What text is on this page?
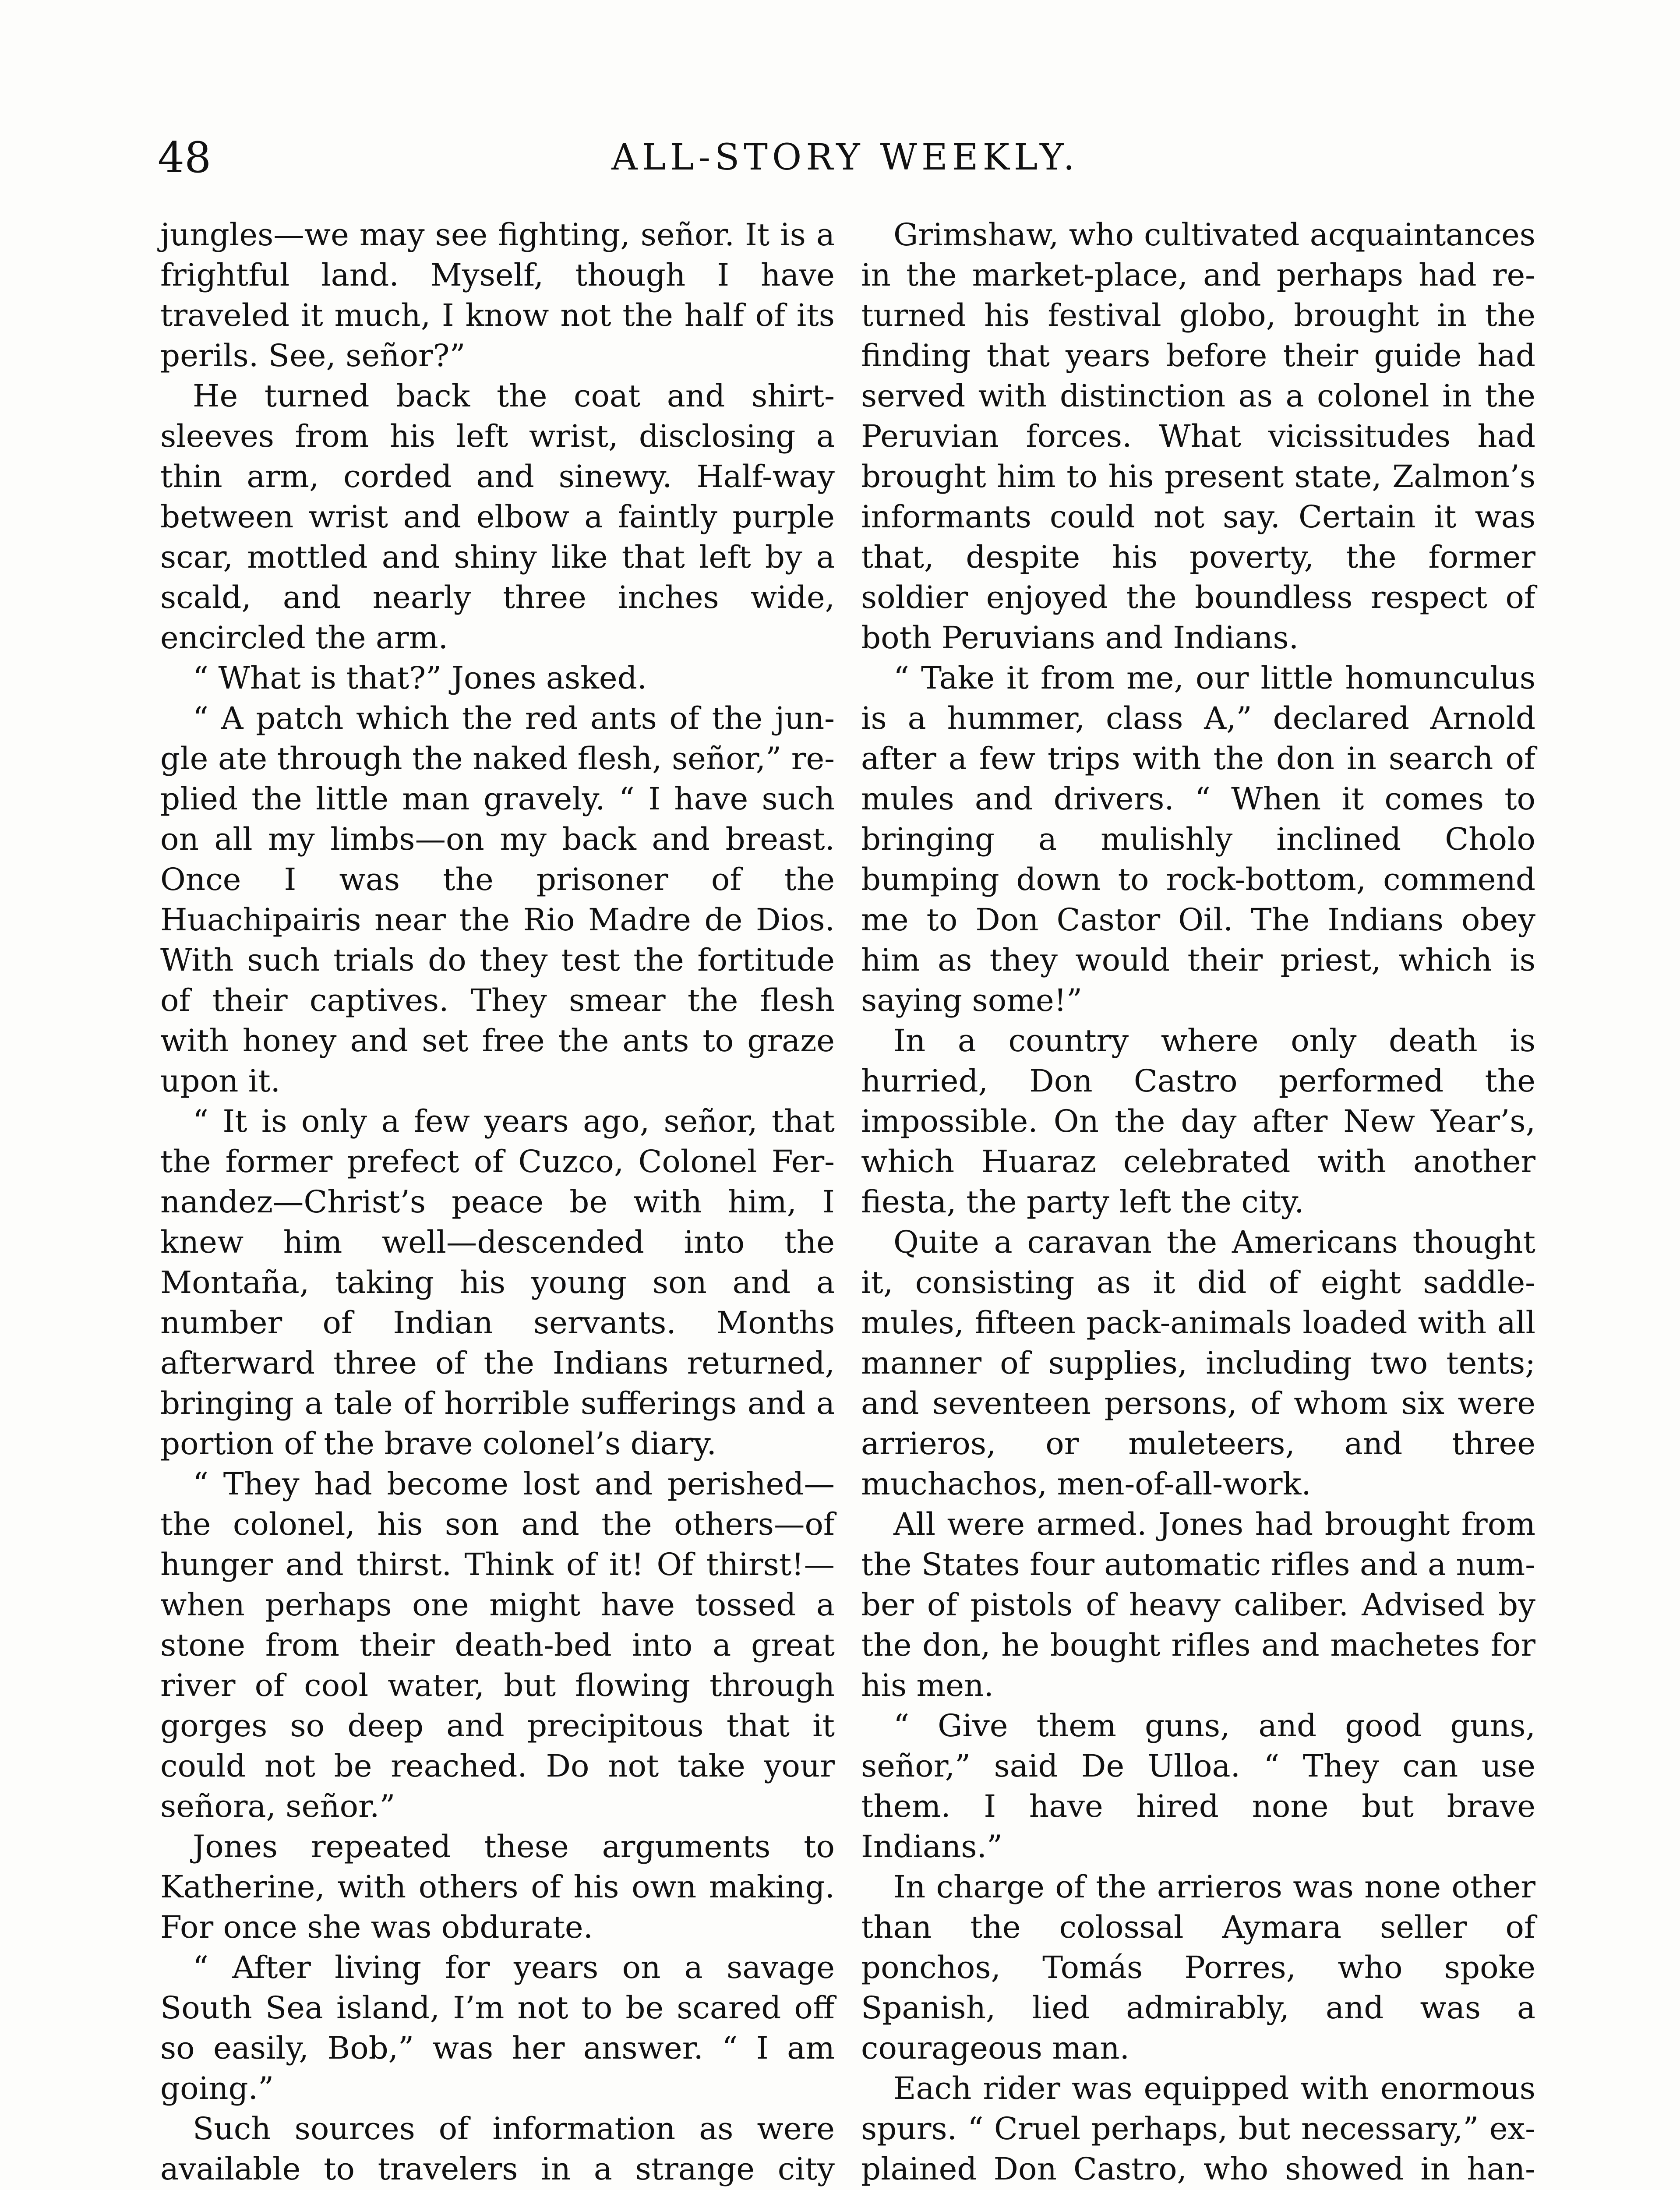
48	ALL-STORY WEEKLY.

jungles—we may see fighting, señor. It is a frightful land. Myself, though I have traveled it much, I know not the half of its perils. See, señor?”

He turned back the coat and shirt-sleeves from his left wrist, disclosing a thin arm, corded and sinewy. Half-way between wrist and elbow a faintly purple scar, mottled and shiny like that left by a scald, and nearly three inches wide, encircled the arm.

“ What is that?” Jones asked.

“ A patch which the red ants of the jungle ate through the naked flesh, señor,” replied the little man gravely. “ I have such on all my limbs—on my back and breast. Once I was the prisoner of the Huachipairis near the Rio Madre de Dios. With such trials do they test the fortitude of their captives. They smear the flesh with honey and set free the ants to graze upon it.

“ It is only a few years ago, señor, that the former prefect of Cuzco, Colonel Fernandez—Christ’s peace be with him, I knew him well—descended into the Montaña, taking his young son and a number of Indian servants. Months afterward three of the Indians returned, bringing a tale of horrible sufferings and a portion of the brave colonel’s diary.

“ They had become lost and perished—the colonel, his son and the others—of hunger and thirst. Think of it! Of thirst!—when perhaps one might have tossed a stone from their death-bed into a great river of cool water, but flowing through gorges so deep and precipitous that it could not be reached. Do not take your señora, señor.”

Jones repeated these arguments to Katherine, with others of his own making. For once she was obdurate.

“ After living for years on a savage South Sea island, I’m not to be scared off so easily, Bob,” was her answer. “ I am going.”

Such sources of information as were available to travelers in a strange city

Grimshaw, who cultivated acquaintances in the market-place, and perhaps had returned his festival globo, brought in the finding that years before their guide had served with distinction as a colonel in the Peruvian forces. What vicissitudes had brought him to his present state, Zalmon’s informants could not say. Certain it was that, despite his poverty, the former soldier enjoyed the boundless respect of both Peruvians and Indians.

“ Take it from me, our little homunculus is a hummer, class A,” declared Arnold after a few trips with the don in search of mules and drivers. “ When it comes to bringing a mulishly inclined Cholo bumping down to rock-bottom, commend me to Don Castor Oil. The Indians obey him as they would their priest, which is saying some!”

In a country where only death is hurried, Don Castro performed the impossible. On the day after New Year’s, which Huaraz celebrated with another fiesta, the party left the city.

Quite a caravan the Americans thought it, consisting as it did of eight saddle-mules, fifteen pack-animals loaded with all manner of supplies, including two tents; and seventeen persons, of whom six were arrieros, or muleteers, and three muchachos, men-of-all-work.

All were armed. Jones had brought from the States four automatic rifles and a number of pistols of heavy caliber. Advised by the don, he bought rifles and machetes for his men.

“ Give them guns, and good guns, señor,” said De Ulloa. “ They can use them. I have hired none but brave Indians.”

In charge of the arrieros was none other than the colossal Aymara seller of ponchos, Tomás Porres, who spoke Spanish, lied admirably, and was a courageous man.

Each rider was equipped with enormous spurs. “ Cruel perhaps, but necessary,” explained Don Castro, who showed in han
